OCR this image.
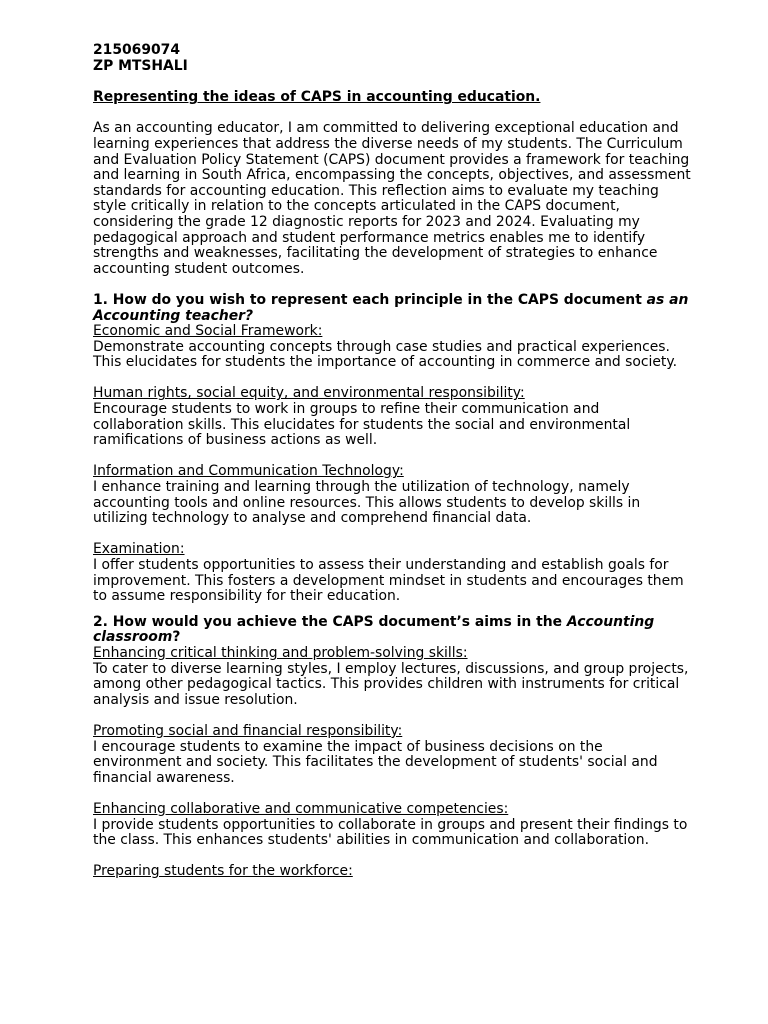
215069074
ZP MTSHALI
Representing the ideas of CAPS in accounting education.

As an accounting educator, I am committed to delivering exceptional education and learning experiences that address the diverse needs of my students. The Curriculum and Evaluation Policy Statement (CAPS) document provides a framework for teaching and learning in South Africa, encompassing the concepts, objectives, and assessment standards for accounting education. This reflection aims to evaluate my teaching style critically in relation to the concepts articulated in the CAPS document, considering the grade 12 diagnostic reports for 2023 and 2024. Evaluating my pedagogical approach and student performance metrics enables me to identify strengths and weaknesses, facilitating the development of strategies to enhance accounting student outcomes.

1. How do you wish to represent each principle in the CAPS document as an Accounting teacher?
Economic and Social Framework:

Demonstrate accounting concepts through case studies and practical experiences. This elucidates for students the importance of accounting in commerce and society.

Human rights, social equity, and environmental responsibility:

Encourage students to work in groups to refine their communication and collaboration skills. This elucidates for students the social and environmental ramifications of business actions as well.

Information and Communication Technology:

I enhance training and learning through the utilization of technology, namely accounting tools and online resources. This allows students to develop skills in utilizing technology to analyse and comprehend financial data.

Examination:

I offer students opportunities to assess their understanding and establish goals for improvement. This fosters a development mindset in students and encourages them to assume responsibility for their education.

2. How would you achieve the CAPS document’s aims in the Accounting classroom?
Enhancing critical thinking and problem-solving skills:

To cater to diverse learning styles, I employ lectures, discussions, and group projects, among other pedagogical tactics. This provides children with instruments for critical analysis and issue resolution.

Promoting social and financial responsibility:

I encourage students to examine the impact of business decisions on the environment and society. This facilitates the development of students' social and financial awareness.

Enhancing collaborative and communicative competencies:

I provide students opportunities to collaborate in groups and present their findings to the class. This enhances students' abilities in communication and collaboration.

Preparing students for the workforce:
